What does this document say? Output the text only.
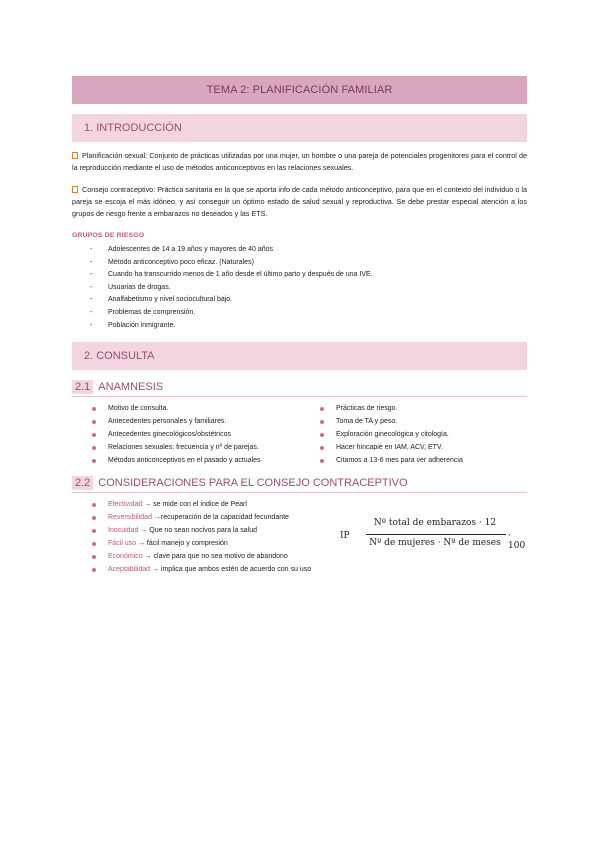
TEMA 2: PLANIFICACIÓN FAMILIAR
1. INTRODUCCIÓN
Planificación sexual: Conjunto de prácticas utilizadas por una mujer, un hombre o una pareja de potenciales progenitores para el control de la reproducción mediante el uso de métodos anticonceptivos en las relaciones sexuales.
Consejo contraceptivo: Práctica sanitaria en la que se aporta info de cada método anticonceptivo, para que en el contexto del individuo o la pareja se escoja el más idóneo, y así conseguir un óptimo estado de salud sexual y reproductiva. Se debe prestar especial atención a los grupos de riesgo frente a embarazos no deseados y las ETS.
GRUPOS DE RIESGO
- Adolescentes de 14 a 19 años y mayores de 40 años
- Método anticonceptivo poco eficaz. (Naturales)
- Cuando ha transcurrido menos de 1 año desde el último parto y después de una IVE.
- Usuarias de drogas.
- Analfabetismo y nivel sociocultural bajo.
- Problemas de comprensión.
- Población inmigrante.
2. CONSULTA
2.1 ANAMNESIS
Motivo de consulta.
Antecedentes personales y familiares.
Antecedentes ginecológicos/obstétricos
Relaciones sexuales: frecuencia y nº de parejas.
Métodos anticonceptivos en el pasado y actuales
Prácticas de riesgo.
Toma de TA y peso.
Exploración ginecológica y citología.
Hacer hincapié en IAM, ACV, ETV.
Citamos a 13-6 mes para ver adherencia
2.2 CONSIDERACIONES PARA EL CONSEJO CONTRACEPTIVO
Efectividad → se mide con el índice de Pearl
Reversibilidad →recuperación de la capacidad fecundante
Inocuidad → Que no sean nocivos para la salud
Fácil uso → fácil manejo y compresión
Económico → clave para que no sea motivo de abandono
Aceptabilidad → implica que ambos estén de acuerdo con su uso
IP
Nº total de embarazos · 12
Nº de mujeres · Nº de meses
· 100
